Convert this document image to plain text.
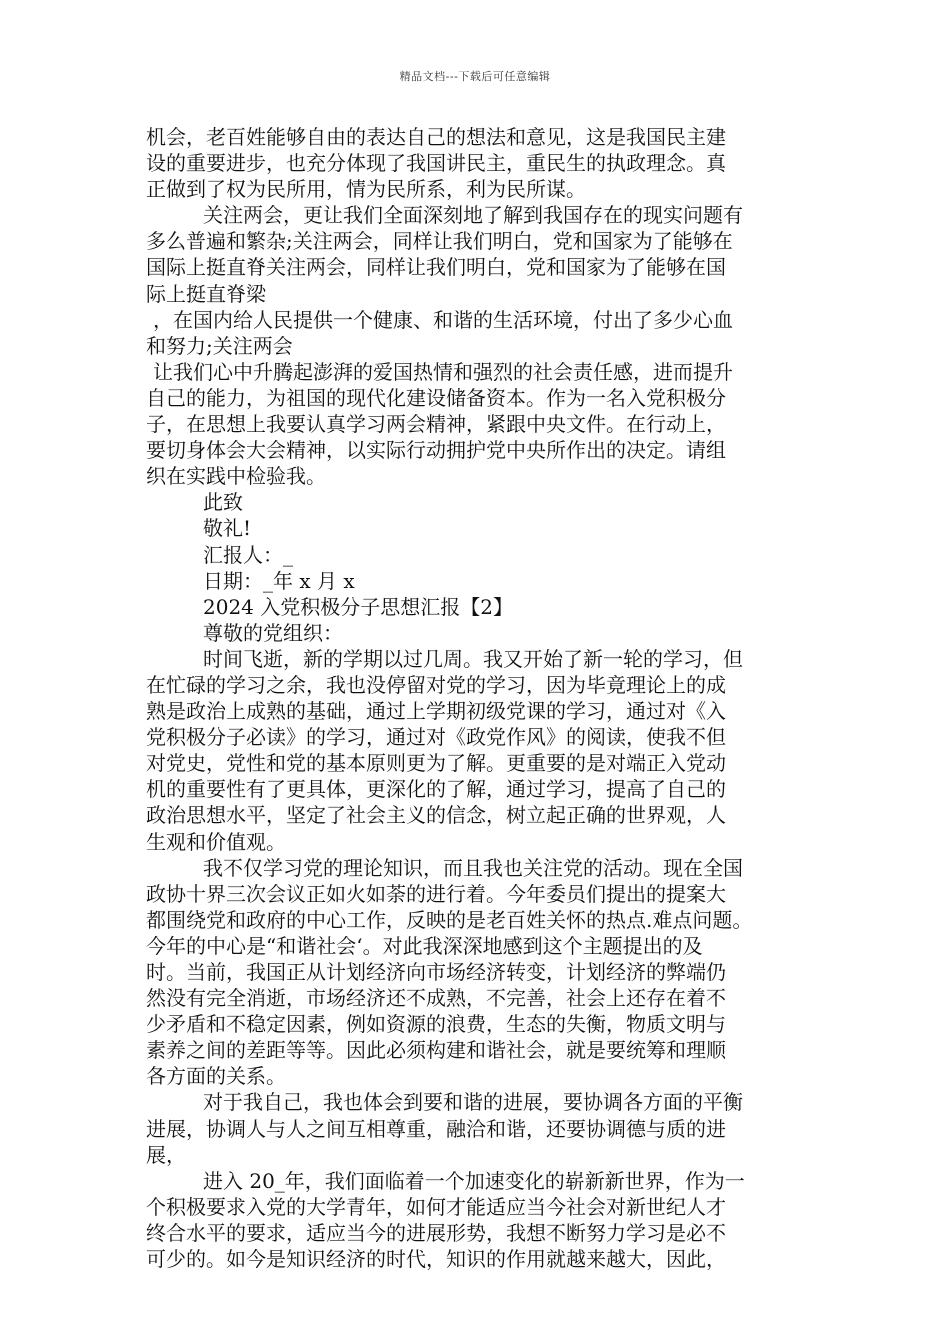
精品文档---下载后可任意编辑
机会，老百姓能够自由的表达自己的想法和意见，这是我国民主建
设的重要进步，也充分体现了我国讲民主，重民生的执政理念。真
正做到了权为民所用，情为民所系，利为民所谋。
关注两会，更让我们全面深刻地了解到我国存在的现实问题有
多么普遍和繁杂;关注两会，同样让我们明白，党和国家为了能够在
国际上挺直脊关注两会，同样让我们明白，党和国家为了能够在国
际上挺直脊梁
，在国内给人民提供一个健康、和谐的生活环境，付出了多少心血
和努力;关注两会
让我们心中升腾起澎湃的爱国热情和强烈的社会责任感，进而提升
自己的能力，为祖国的现代化建设储备资本。作为一名入党积极分
子，在思想上我要认真学习两会精神，紧跟中央文件。在行动上，
要切身体会大会精神，以实际行动拥护党中央所作出的决定。请组
织在实践中检验我。
此致
敬礼!
汇报人：_
日期：_年 x 月 x
2024 入党积极分子思想汇报【2】
尊敬的党组织：
时间飞逝，新的学期以过几周。我又开始了新一轮的学习，但
在忙碌的学习之余，我也没停留对党的学习，因为毕竟理论上的成
熟是政治上成熟的基础，通过上学期初级党课的学习，通过对《入
党积极分子必读》的学习，通过对《政党作风》的阅读，使我不但
对党史，党性和党的基本原则更为了解。更重要的是对端正入党动
机的重要性有了更具体，更深化的了解，通过学习，提高了自己的
政治思想水平，坚定了社会主义的信念，树立起正确的世界观，人
生观和价值观。
我不仅学习党的理论知识，而且我也关注党的活动。现在全国
政协十界三次会议正如火如荼的进行着。今年委员们提出的提案大
都围绕党和政府的中心工作，反映的是老百姓关怀的热点.难点问题。
今年的中心是“和谐社会‘。对此我深深地感到这个主题提出的及
时。当前，我国正从计划经济向市场经济转变，计划经济的弊端仍
然没有完全消逝，市场经济还不成熟，不完善，社会上还存在着不
少矛盾和不稳定因素，例如资源的浪费，生态的失衡，物质文明与
素养之间的差距等等。因此必须构建和谐社会，就是要统筹和理顺
各方面的关系。
对于我自己，我也体会到要和谐的进展，要协调各方面的平衡
进展，协调人与人之间互相尊重，融洽和谐，还要协调德与质的进
展，
进入 20_年，我们面临着一个加速变化的崭新新世界，作为一
个积极要求入党的大学青年，如何才能适应当今社会对新世纪人才
终合水平的要求，适应当今的进展形势，我想不断努力学习是必不
可少的。如今是知识经济的时代，知识的作用就越来越大，因此，
